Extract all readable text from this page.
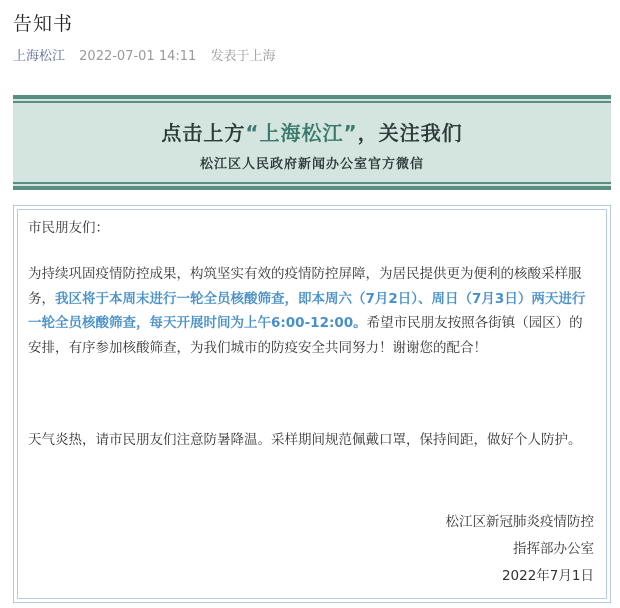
告知书
上海松江 2022-07-01 14:11 发表于上海
点击上方“上海松江”，关注我们
松江区人民政府新闻办公室官方微信

市民朋友们：

为持续巩固疫情防控成果，构筑坚实有效的疫情防控屏障，为居民提供更为便利的核酸采样服务，我区将于本周末进行一轮全员核酸筛查，即本周六（7月2日）、周日（7月3日）两天进行一轮全员核酸筛查，每天开展时间为上午6:00-12:00。希望市民朋友按照各街镇（园区）的安排，有序参加核酸筛查，为我们城市的防疫安全共同努力！谢谢您的配合！

天气炎热，请市民朋友们注意防暑降温。采样期间规范佩戴口罩，保持间距，做好个人防护。

松江区新冠肺炎疫情防控
指挥部办公室
2022年7月1日
